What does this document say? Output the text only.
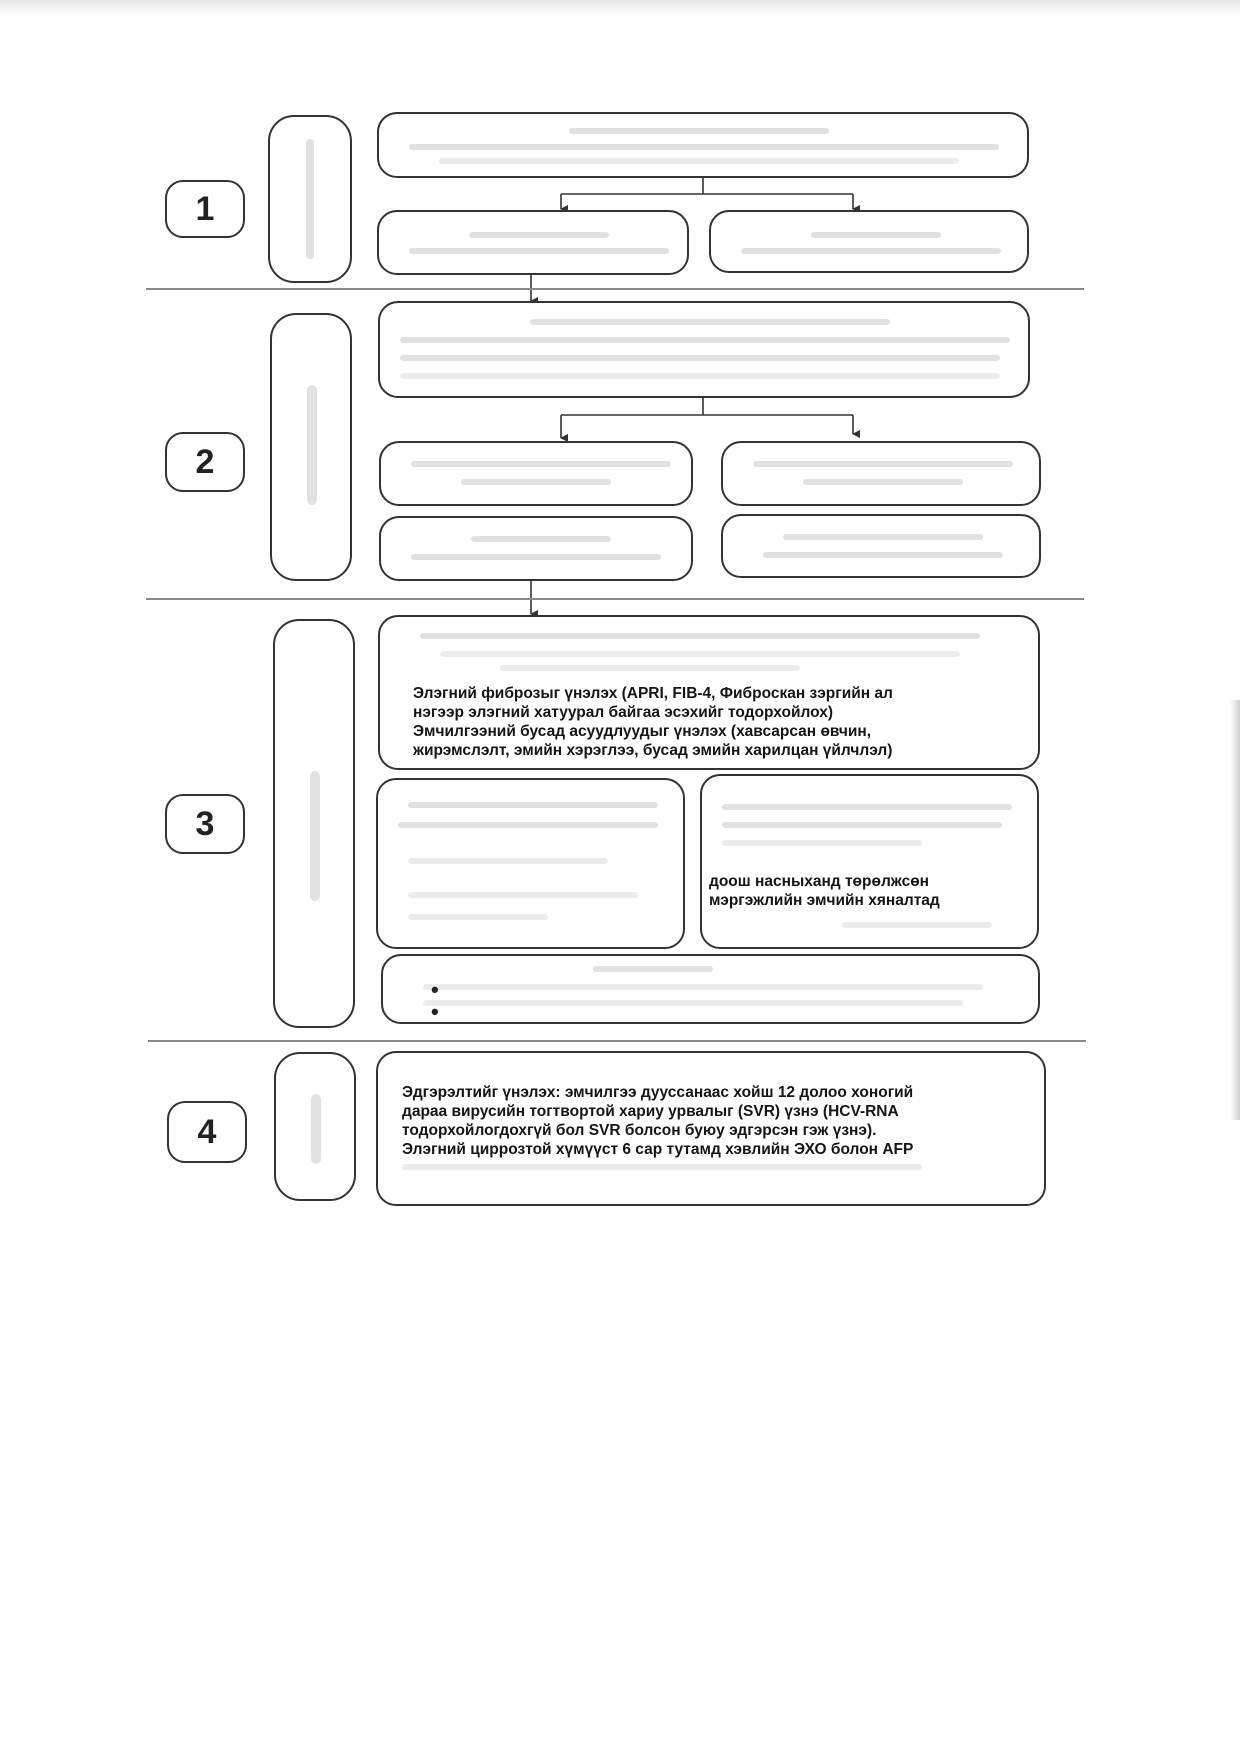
1
2
3

Элэгний фиброзыг үнэлэх (APRI, FIB-4, Фиброскан зэргийн ал

нэгээр элэгний хатуурал байгаа эсэхийг тодорхойлох)

Эмчилгээний бусад асуудлуудыг үнэлэх (хавсарсан өвчин,

жирэмслэлт, эмийн хэрэглээ, бусад эмийн харилцан үйлчлэл)

доош насныханд төрөлжсөн

мэргэжлийн эмчийн хяналтад

•
•
4

Эдгэрэлтийг үнэлэх: эмчилгээ дууссанаас хойш 12 долоо хоногий

дараа вирусийн тогтвортой хариу урвалыг (SVR) үзнэ (HCV-RNA

тодорхойлогдохгүй бол SVR болсон буюу эдгэрсэн гэж үзнэ).

Элэгний циррозтой хүмүүст 6 сар тутамд хэвлийн ЭХО болон AFP
